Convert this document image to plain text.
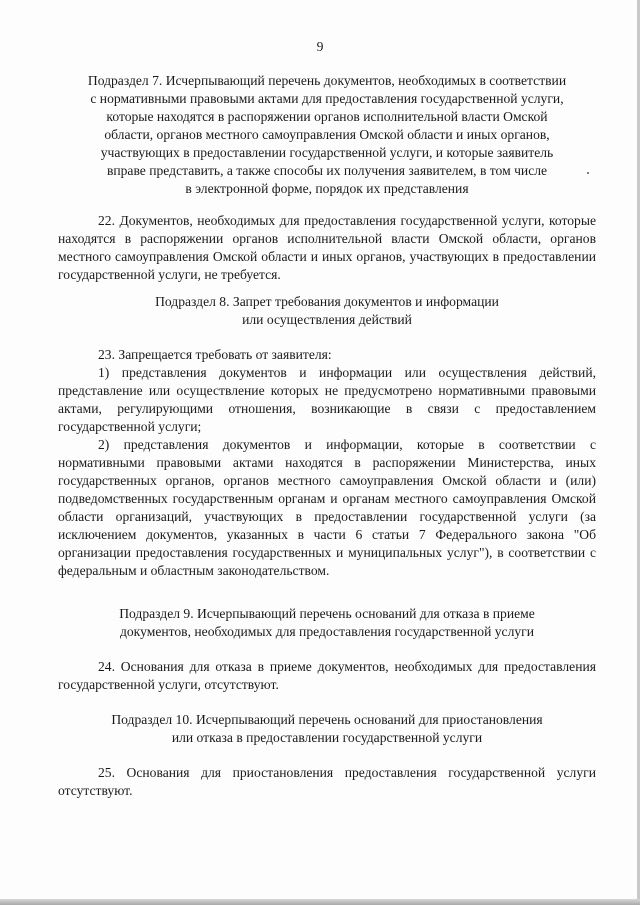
9
Подраздел 7. Исчерпывающий перечень документов, необходимых в соответствии
с нормативными правовыми актами для предоставления государственной услуги,
которые находятся в распоряжении органов исполнительной власти Омской
области, органов местного самоуправления Омской области и иных органов,
участвующих в предоставлении государственной услуги, и которые заявитель
вправе представить, а также способы их получения заявителем, в том числе
в электронной форме, порядок их представления
22. Документов, необходимых для предоставления государственной услуги, которые находятся в распоряжении органов исполнительной власти Омской области, органов местного самоуправления Омской области и иных органов, участвующих в предоставлении государственной услуги, не требуется.
Подраздел 8. Запрет требования документов и информации
или осуществления действий
23. Запрещается требовать от заявителя:
1) представления документов и информации или осуществления действий, представление или осуществление которых не предусмотрено нормативными правовыми актами, регулирующими отношения, возникающие в связи с предоставлением государственной услуги;
2) представления документов и информации, которые в соответствии с нормативными правовыми актами находятся в распоряжении Министерства, иных государственных органов, органов местного самоуправления Омской области и (или) подведомственных государственным органам и органам местного самоуправления Омской области организаций, участвующих в предоставлении государственной услуги (за исключением документов, указанных в части 6 статьи 7 Федерального закона "Об организации предоставления государственных и муниципальных услуг"), в соответствии с федеральным и областным законодательством.
Подраздел 9. Исчерпывающий перечень оснований для отказа в приеме
документов, необходимых для предоставления государственной услуги
24. Основания для отказа в приеме документов, необходимых для предоставления государственной услуги, отсутствуют.
Подраздел 10. Исчерпывающий перечень оснований для приостановления
или отказа в предоставлении государственной услуги
25. Основания для приостановления предоставления государственной услуги отсутствуют.
